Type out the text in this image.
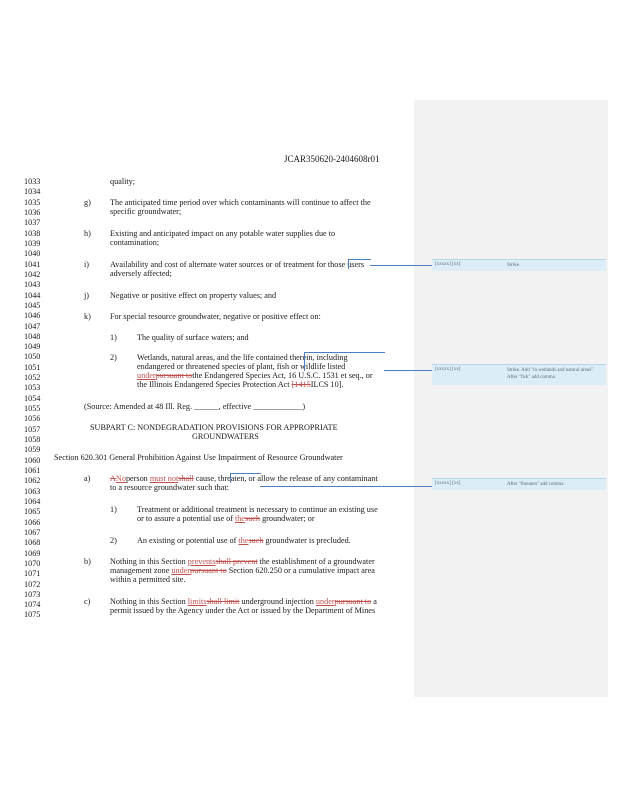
JCAR350620-2404608r01
1033
1034
1035
1036
1037
1038
1039
1040
1041
1042
1043
1044
1045
1046
1047
1048
1049
1050
1051
1052
1053
1054
1055
1056
1057
1058
1059
1060
1061
1062
1063
1064
1065
1066
1067
1068
1069
1070
1071
1072
1073
1074
1075
quality;
g) The anticipated time period over which contaminants will continue to affect the
specific groundwater;
h) Existing and anticipated impact on any potable water supplies due to
contamination;
i)	Availability and cost of alternate water sources or of treatment for those users
adversely affected;
j)	Negative or positive effect on property values; and
k) For special resource groundwater, negative or positive effect on:
1) The quality of surface waters; and
2) Wetlands, natural areas, and the life contained therein, including
endangered or threatened species of plant, fish or wildlife listed
underpursuant tothe Endangered Species Act, 16 U.S.C. 1531 et seq., or
the Illinois Endangered Species Protection Act [1415ILCS 10].
(Source: Amended at 48 Ill. Reg. ______, effective ____________)
SUBPART C: NONDEGRADATION PROVISIONS FOR APPROPRIATE
GROUNDWATERS
Section 620.301 General Prohibition Against Use Impairment of Resource Groundwater
a) ANoperson must notshall cause, threaten, or allow the release of any contaminant
to a resource groundwater such that:
1) Treatment or additional treatment is necessary to continue an existing use
or to assure a potential use of thesuch groundwater; or
2) An existing or potential use of thesuch groundwater is precluded.
b) Nothing in this Section preventsshall prevent the establishment of a groundwater
management zone underpursuant to Section 620.250 or a cumulative impact area
within a permitted site.
c) Nothing in this Section limitsshall limit underground injection underpursuant to a
permit issued by the Agency under the Act or issued by the Department of Mines
[xxxxx] [xx]	Strike.
[xxxxx] [xx]	Strike. Add "in wetlands and natural areas". After "fish" add comma
[xxxxx] [xx]	After "threaten" add comma
